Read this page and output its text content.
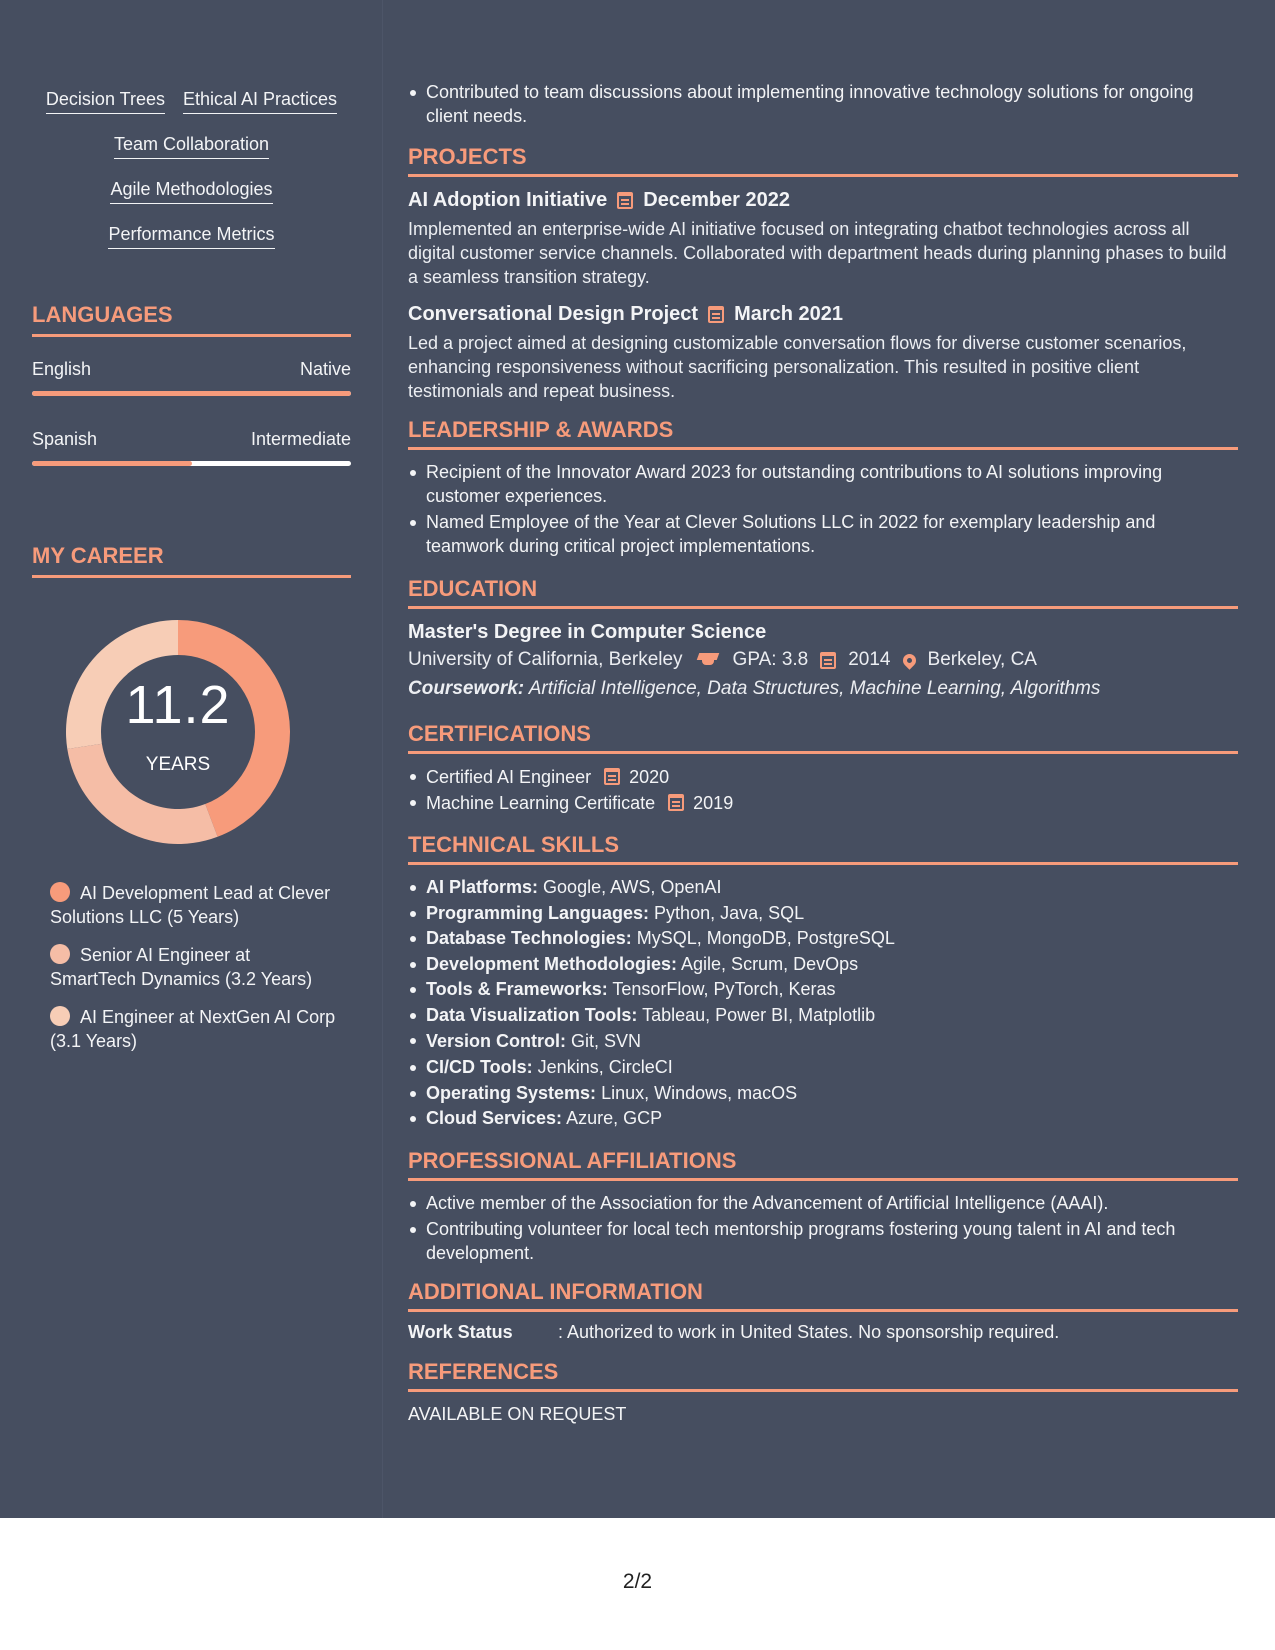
Decision Trees Ethical AI Practices
Team Collaboration
Agile Methodologies
Performance Metrics
LANGUAGES
English	Native
Spanish	Intermediate
MY CAREER
11.2
YEARS
AI Development Lead at Clever Solutions LLC (5 Years)
Senior AI Engineer at SmartTech Dynamics (3.2 Years)
AI Engineer at NextGen AI Corp (3.1 Years)
Contributed to team discussions about implementing innovative technology solutions for ongoing client needs.
PROJECTS
AI Adoption Initiative December 2022
Implemented an enterprise-wide AI initiative focused on integrating chatbot technologies across all digital customer service channels. Collaborated with department heads during planning phases to build a seamless transition strategy.
Conversational Design Project March 2021
Led a project aimed at designing customizable conversation flows for diverse customer scenarios, enhancing responsiveness without sacrificing personalization. This resulted in positive client testimonials and repeat business.
LEADERSHIP & AWARDS
Recipient of the Innovator Award 2023 for outstanding contributions to AI solutions improving customer experiences.
Named Employee of the Year at Clever Solutions LLC in 2022 for exemplary leadership and teamwork during critical project implementations.
EDUCATION
Master's Degree in Computer Science
University of California, Berkeley	GPA: 3.8 2014 Berkeley, CA
Coursework: Artificial Intelligence, Data Structures, Machine Learning, Algorithms
CERTIFICATIONS
Certified AI Engineer 2020
Machine Learning Certificate 2019
TECHNICAL SKILLS
AI Platforms: Google, AWS, OpenAI
Programming Languages: Python, Java, SQL
Database Technologies: MySQL, MongoDB, PostgreSQL
Development Methodologies: Agile, Scrum, DevOps
Tools & Frameworks: TensorFlow, PyTorch, Keras
Data Visualization Tools: Tableau, Power BI, Matplotlib
Version Control: Git, SVN
CI/CD Tools: Jenkins, CircleCI
Operating Systems: Linux, Windows, macOS
Cloud Services: Azure, GCP
PROFESSIONAL AFFILIATIONS
Active member of the Association for the Advancement of Artificial Intelligence (AAAI).
Contributing volunteer for local tech mentorship programs fostering young talent in AI and tech development.
ADDITIONAL INFORMATION
Work Status	: Authorized to work in United States. No sponsorship required.
REFERENCES
AVAILABLE ON REQUEST
2/2
